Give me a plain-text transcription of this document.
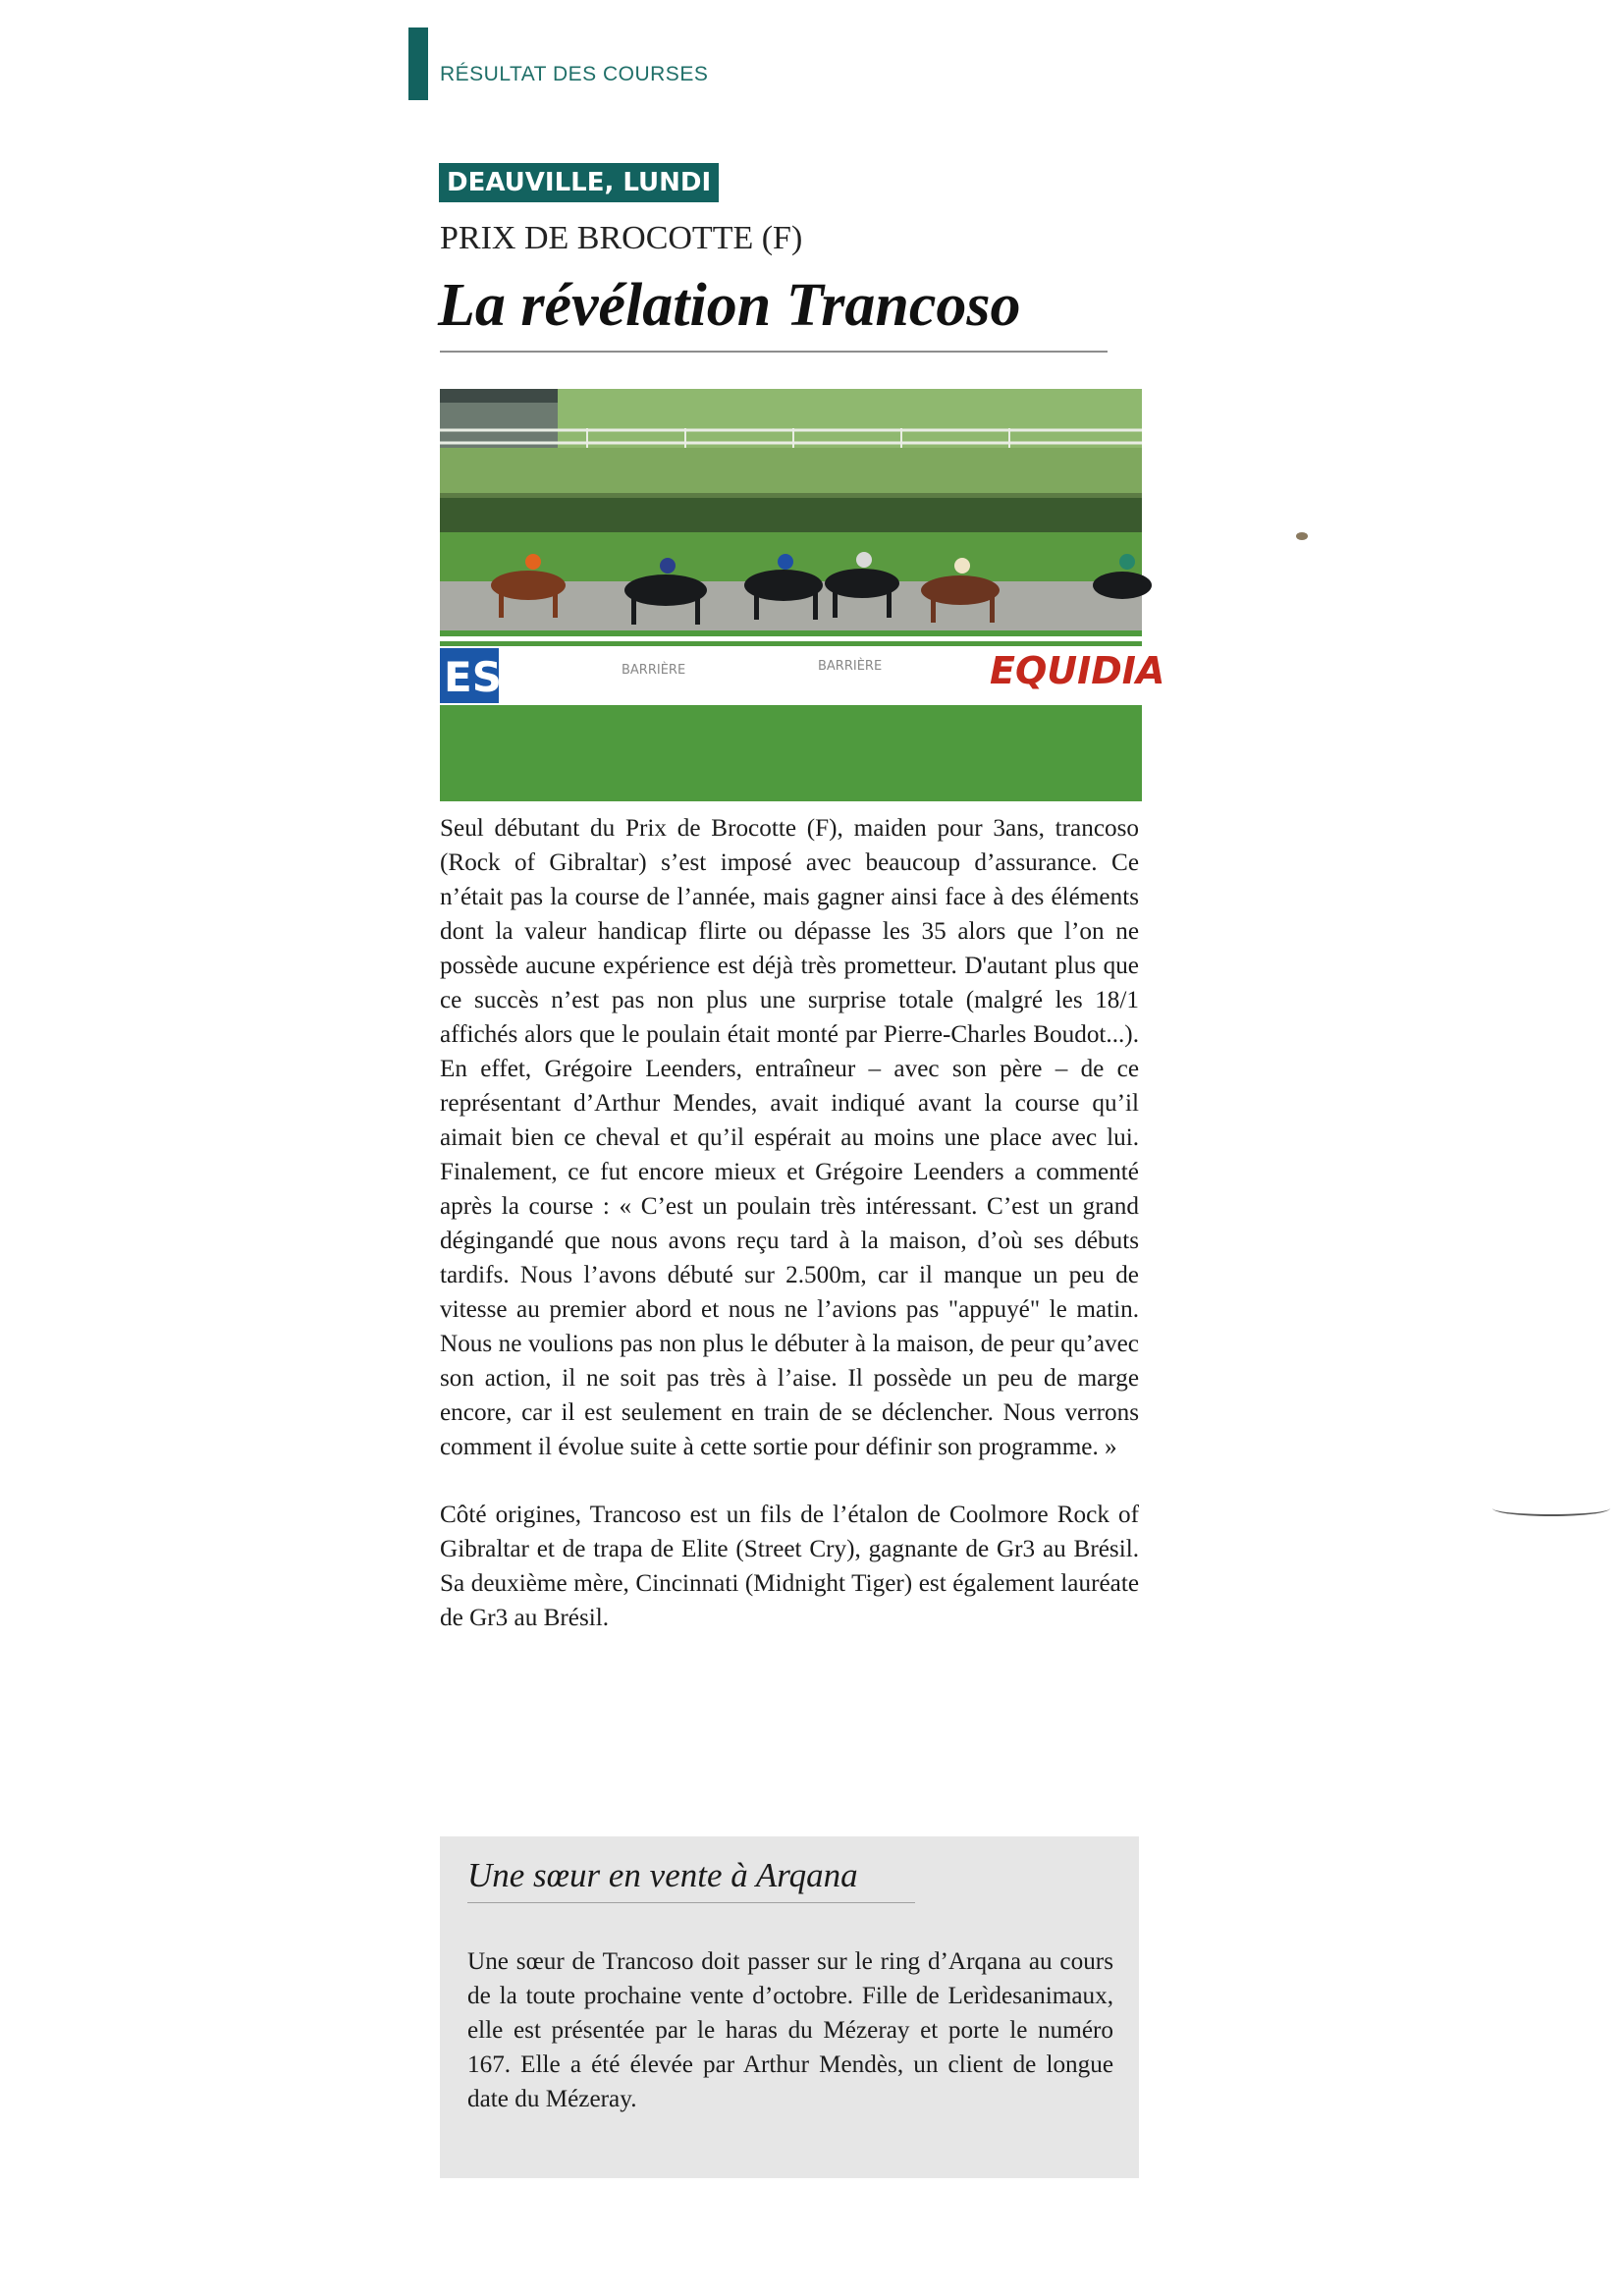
RÉSULTAT DES COURSES
DEAUVILLE, LUNDI
PRIX DE BROCOTTE (F)
La révélation Trancoso
ES	BARRIÈRE	BARRIÈRE	EQUIDIA

Seul débutant du Prix de Brocotte (F), maiden pour 3ans, trancoso (Rock of Gibraltar) s’est imposé avec beaucoup d’assurance. Ce n’était pas la course de l’année, mais gagner ainsi face à des éléments dont la valeur handicap flirte ou dépasse les 35 alors que l’on ne possède aucune expérience est déjà très prometteur. D'autant plus que ce succès n’est pas non plus une surprise totale (malgré les 18/1 affichés alors que le poulain était monté par Pierre-Charles Boudot...). En effet, Grégoire Leenders, entraîneur – avec son père – de ce représentant d’Arthur Mendes, avait indiqué avant la course qu’il aimait bien ce cheval et qu’il espérait au moins une place avec lui. Finalement, ce fut encore mieux et Grégoire Leenders a commenté après la course : « C’est un poulain très intéressant. C’est un grand dégingandé que nous avons reçu tard à la maison, d’où ses débuts tardifs. Nous l’avons débuté sur 2.500m, car il manque un peu de vitesse au premier abord et nous ne l’avions pas "appuyé" le matin. Nous ne voulions pas non plus le débuter à la maison, de peur qu’avec son action, il ne soit pas très à l’aise. Il possède un peu de marge encore, car il est seulement en train de se déclencher. Nous verrons comment il évolue suite à cette sortie pour définir son programme. »

Côté origines, Trancoso est un fils de l’étalon de Coolmore Rock of Gibraltar et de trapa de Elite (Street Cry), gagnante de Gr3 au Brésil. Sa deuxième mère, Cincinnati (Midnight Tiger) est également lauréate de Gr3 au Brésil.

Une sœur en vente à Arqana
Une sœur de Trancoso doit passer sur le ring d’Arqana au cours de la toute prochaine vente d’octobre. Fille de Lerìdesanimaux, elle est présentée par le haras du Mézeray et porte le numéro 167. Elle a été élevée par Arthur Mendès, un client de longue date du Mézeray.
